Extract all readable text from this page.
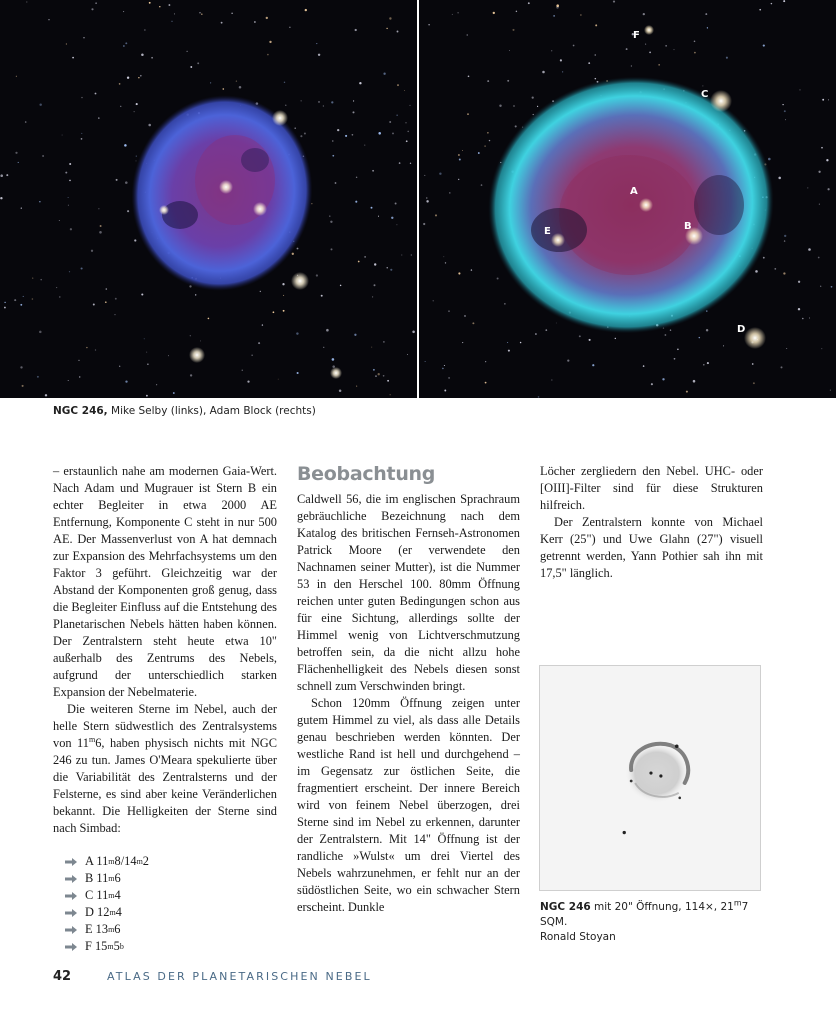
A
B
C
D
E
F
NGC 246, Mike Selby (links), Adam Block (rechts)

– erstaunlich nahe am modernen Gaia-Wert. Nach Adam und Mugrauer ist Stern B ein echter Begleiter in etwa 2000 AE Entfernung, Komponente C steht in nur 500 AE. Der Massenverlust von A hat demnach zur Expansion des Mehrfachsystems um den Faktor 3 geführt. Gleichzeitig war der Abstand der Komponenten groß genug, dass die Begleiter Einfluss auf die Entstehung des Planetarischen Nebels hätten haben können. Der Zentralstern steht heute etwa 10" außerhalb des Zentrums des Nebels, aufgrund der unterschiedlich starken Expansion der Nebelmaterie.

Die weiteren Sterne im Nebel, auch der helle Stern südwestlich des Zentralsystems von 11$^m$6, haben physisch nichts mit NGC 246 zu tun. James O'Meara spekulierte über die Variabilität des Zentralsterns und der Felsterne, es sind aber keine Veränderlichen bekannt. Die Helligkeiten der Sterne sind nach Simbad:

A 11 m 8/14 m 2
B 11 m 6
C 11 m 4
D 12 m 4
E 13 m 6
F 15 m 5 b
Beobachtung

Caldwell 56, die im englischen Sprachraum gebräuchliche Bezeichnung nach dem Katalog des britischen Fernseh-Astronomen Patrick Moore (er verwendete den Nachnamen seiner Mutter), ist die Nummer 53 in den Herschel 100. 80mm Öffnung reichen unter guten Bedingungen schon aus für eine Sichtung, allerdings sollte der Himmel wenig von Lichtverschmutzung betroffen sein, da die nicht allzu hohe Flächenhelligkeit des Nebels diesen sonst schnell zum Verschwinden bringt.

Schon 120mm Öffnung zeigen unter gutem Himmel zu viel, als dass alle Details genau beschrieben werden könnten. Der westliche Rand ist hell und durchgehend – im Gegensatz zur östlichen Seite, die fragmentiert erscheint. Der innere Bereich wird von feinem Nebel überzogen, drei Sterne sind im Nebel zu erkennen, darunter der Zentralstern. Mit 14" Öffnung ist der randliche »Wulst« um drei Viertel des Nebels wahrzunehmen, er fehlt nur an der südöstlichen Seite, wo ein schwacher Stern erscheint. Dunkle

Löcher zergliedern den Nebel. UHC- oder [OIII]-Filter sind für diese Strukturen hilfreich.

Der Zentralstern konnte von Michael Kerr (25") und Uwe Glahn (27") visuell getrennt werden, Yann Pothier sah ihn mit 17,5" länglich.

NGC 246 mit 20" Öffnung, 114×, 21$^m$7 SQM.
Ronald Stoyan
42	ATLAS DER PLANETARISCHEN NEBEL
